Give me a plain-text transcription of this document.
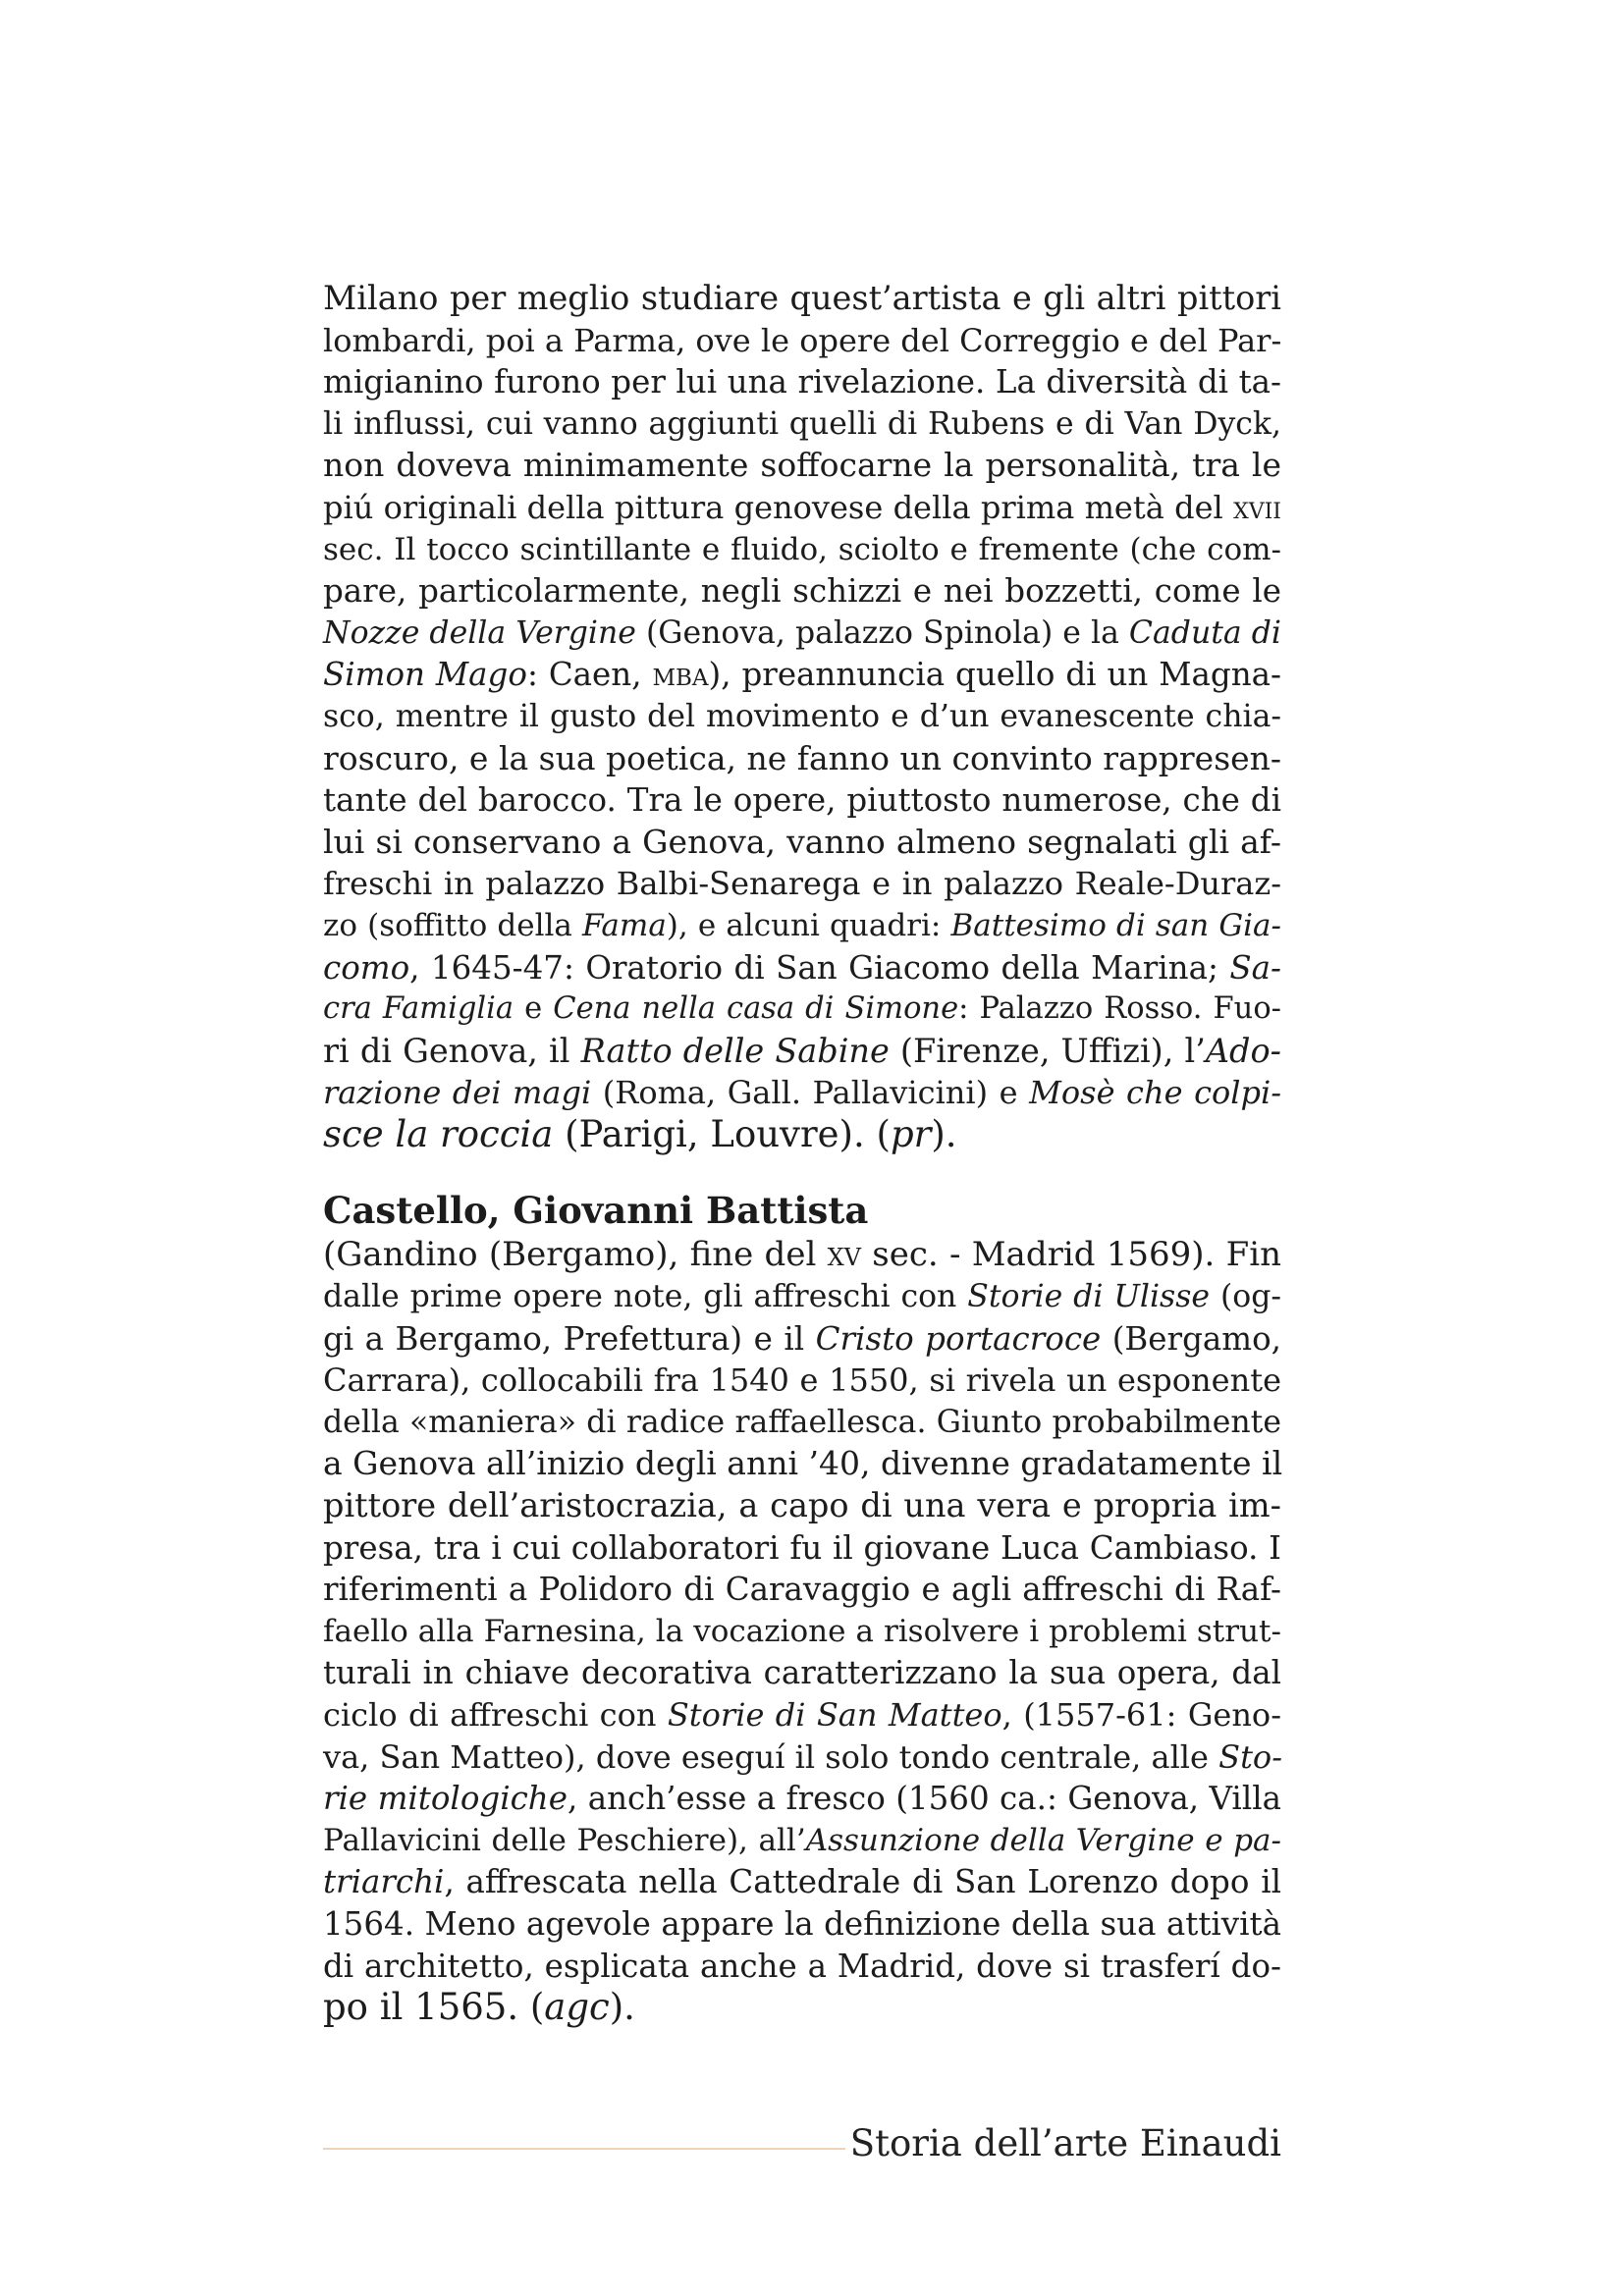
Milano per meglio studiare quest’artista e gli altri pittori
lombardi, poi a Parma, ove le opere del Correggio e del Par-
migianino furono per lui una rivelazione. La diversità di ta-
li influssi, cui vanno aggiunti quelli di Rubens e di Van Dyck,
non doveva minimamente soffocarne la personalità, tra le
piú originali della pittura genovese della prima metà del xvii
sec. Il tocco scintillante e fluido, sciolto e fremente (che com-
pare, particolarmente, negli schizzi e nei bozzetti, come le
Nozze della Vergine (Genova, palazzo Spinola) e la Caduta di
Simon Mago: Caen, mba), preannuncia quello di un Magna-
sco, mentre il gusto del movimento e d’un evanescente chia-
roscuro, e la sua poetica, ne fanno un convinto rappresen-
tante del barocco. Tra le opere, piuttosto numerose, che di
lui si conservano a Genova, vanno almeno segnalati gli af-
freschi in palazzo Balbi-Senarega e in palazzo Reale-Duraz-
zo (soffitto della Fama), e alcuni quadri: Battesimo di san Gia-
como, 1645-47: Oratorio di San Giacomo della Marina; Sa-
cra Famiglia e Cena nella casa di Simone: Palazzo Rosso. Fuo-
ri di Genova, il Ratto delle Sabine (Firenze, Uffizi), l’Ado-
razione dei magi (Roma, Gall. Pallavicini) e Mosè che colpi-
sce la roccia (Parigi, Louvre). (pr).
Castello, Giovanni Battista
(Gandino (Bergamo), fine del xv sec. - Madrid 1569). Fin
dalle prime opere note, gli affreschi con Storie di Ulisse (og-
gi a Bergamo, Prefettura) e il Cristo portacroce (Bergamo,
Carrara), collocabili fra 1540 e 1550, si rivela un esponente
della «maniera» di radice raffaellesca. Giunto probabilmente
a Genova all’inizio degli anni ’40, divenne gradatamente il
pittore dell’aristocrazia, a capo di una vera e propria im-
presa, tra i cui collaboratori fu il giovane Luca Cambiaso. I
riferimenti a Polidoro di Caravaggio e agli affreschi di Raf-
faello alla Farnesina, la vocazione a risolvere i problemi strut-
turali in chiave decorativa caratterizzano la sua opera, dal
ciclo di affreschi con Storie di San Matteo, (1557-61: Geno-
va, San Matteo), dove eseguí il solo tondo centrale, alle Sto-
rie mitologiche, anch’esse a fresco (1560 ca.: Genova, Villa
Pallavicini delle Peschiere), all’Assunzione della Vergine e pa-
triarchi, affrescata nella Cattedrale di San Lorenzo dopo il
1564. Meno agevole appare la definizione della sua attività
di architetto, esplicata anche a Madrid, dove si trasferí do-
po il 1565. (agc).
Storia dell’arte Einaudi
